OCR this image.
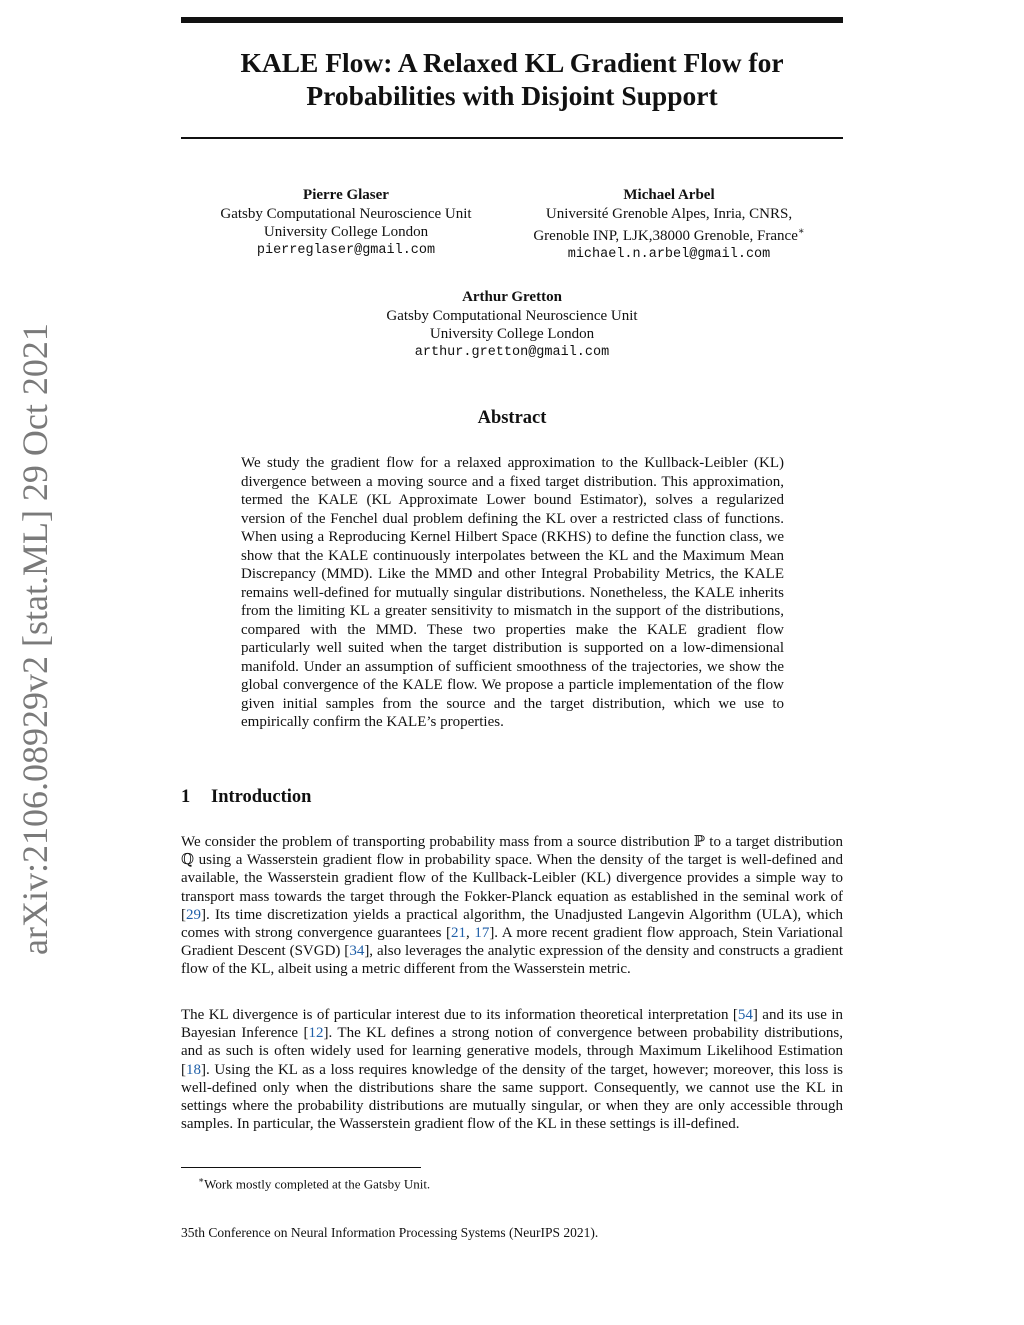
KALE Flow: A Relaxed KL Gradient Flow for
Probabilities with Disjoint Support
Pierre Glaser
Gatsby Computational Neuroscience Unit
University College London
pierreglaser@gmail.com
Michael Arbel
Université Grenoble Alpes, Inria, CNRS,
Grenoble INP, LJK,38000 Grenoble, France∗
michael.n.arbel@gmail.com
Arthur Gretton
Gatsby Computational Neuroscience Unit
University College London
arthur.gretton@gmail.com
arXiv:2106.08929v2 [stat.ML] 29 Oct 2021	Abstract

We study the gradient flow for a relaxed approximation to the Kullback-Leibler (KL) divergence between a moving source and a fixed target distribution. This approximation, termed the KALE (KL Approximate Lower bound Estimator), solves a regularized version of the Fenchel dual problem defining the KL over a restricted class of functions. When using a Reproducing Kernel Hilbert Space (RKHS) to define the function class, we show that the KALE continuously interpolates between the KL and the Maximum Mean Discrepancy (MMD). Like the MMD and other Integral Probability Metrics, the KALE remains well-defined for mutually singular distributions. Nonetheless, the KALE inherits from the limiting KL a greater sensitivity to mismatch in the support of the distributions, compared with the MMD. These two properties make the KALE gradient flow particularly well suited when the target distribution is supported on a low-dimensional manifold. Under an assumption of sufficient smoothness of the trajectories, we show the global convergence of the KALE flow. We propose a particle implementation of the flow given initial samples from the source and the target distribution, which we use to empirically confirm the KALE’s properties.

1 Introduction

We consider the problem of transporting probability mass from a source distribution ℙ to a target distribution ℚ using a Wasserstein gradient flow in probability space. When the density of the target is well-defined and available, the Wasserstein gradient flow of the Kullback-Leibler (KL) divergence provides a simple way to transport mass towards the target through the Fokker-Planck equation as established in the seminal work of [29]. Its time discretization yields a practical algorithm, the Unadjusted Langevin Algorithm (ULA), which comes with strong convergence guarantees [21, 17]. A more recent gradient flow approach, Stein Variational Gradient Descent (SVGD) [34], also leverages the analytic expression of the density and constructs a gradient flow of the KL, albeit using a metric different from the Wasserstein metric.

The KL divergence is of particular interest due to its information theoretical interpretation [54] and its use in Bayesian Inference [12]. The KL defines a strong notion of convergence between probability distributions, and as such is often widely used for learning generative models, through Maximum Likelihood Estimation [18]. Using the KL as a loss requires knowledge of the density of the target, however; moreover, this loss is well-defined only when the distributions share the same support. Consequently, we cannot use the KL in settings where the probability distributions are mutually singular, or when they are only accessible through samples. In particular, the Wasserstein gradient flow of the KL in these settings is ill-defined.

∗Work mostly completed at the Gatsby Unit.
35th Conference on Neural Information Processing Systems (NeurIPS 2021).
